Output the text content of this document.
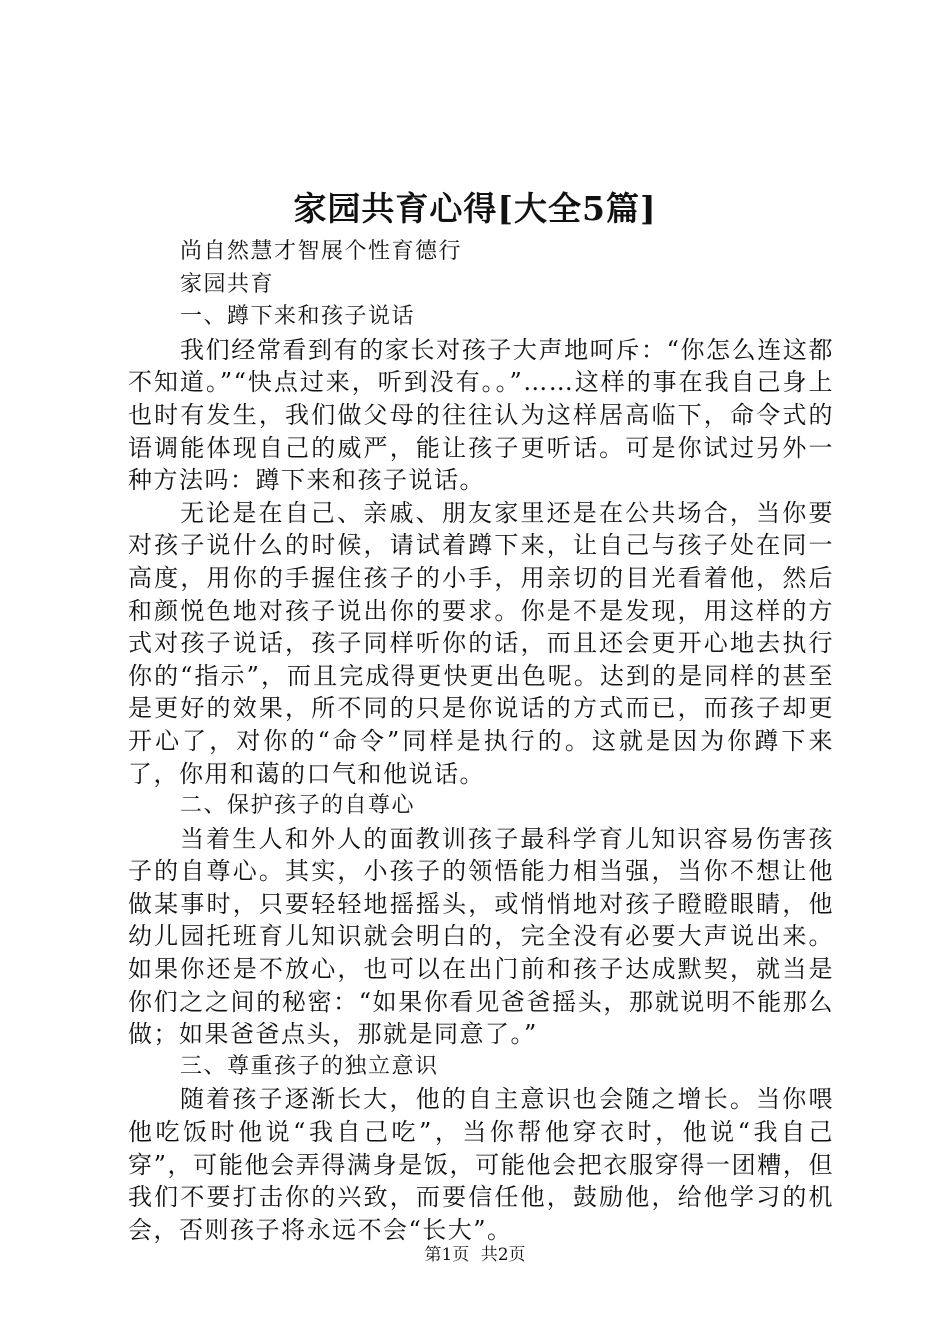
家园共育心得[大全5篇]

尚自然慧才智展个性育德行

家园共育

一、蹲下来和孩子说话

我们经常看到有的家长对孩子大声地呵斥：“你怎么连这都不知道。”“快点过来，听到没有。。”……这样的事在我自己身上也时有发生，我们做父母的往往认为这样居高临下，命令式的语调能体现自己的威严，能让孩子更听话。可是你试过另外一种方法吗：蹲下来和孩子说话。

无论是在自己、亲戚、朋友家里还是在公共场合，当你要对孩子说什么的时候，请试着蹲下来，让自己与孩子处在同一高度，用你的手握住孩子的小手，用亲切的目光看着他，然后和颜悦色地对孩子说出你的要求。你是不是发现，用这样的方式对孩子说话，孩子同样听你的话，而且还会更开心地去执行你的“指示”，而且完成得更快更出色呢。达到的是同样的甚至是更好的效果，所不同的只是你说话的方式而已，而孩子却更开心了，对你的“命令”同样是执行的。这就是因为你蹲下来了，你用和蔼的口气和他说话。

二、保护孩子的自尊心

当着生人和外人的面教训孩子最科学育儿知识容易伤害孩子的自尊心。其实，小孩子的领悟能力相当强，当你不想让他做某事时，只要轻轻地摇摇头，或悄悄地对孩子瞪瞪眼睛，他幼儿园托班育儿知识就会明白的，完全没有必要大声说出来。如果你还是不放心，也可以在出门前和孩子达成默契，就当是你们之之间的秘密：“如果你看见爸爸摇头，那就说明不能那么做；如果爸爸点头，那就是同意了。”

三、尊重孩子的独立意识

随着孩子逐渐长大，他的自主意识也会随之增长。当你喂他吃饭时他说“我自己吃”，当你帮他穿衣时，他说“我自己穿”，可能他会弄得满身是饭，可能他会把衣服穿得一团糟，但我们不要打击你的兴致，而要信任他，鼓励他，给他学习的机会，否则孩子将永远不会“长大”。

第1页 共2页
